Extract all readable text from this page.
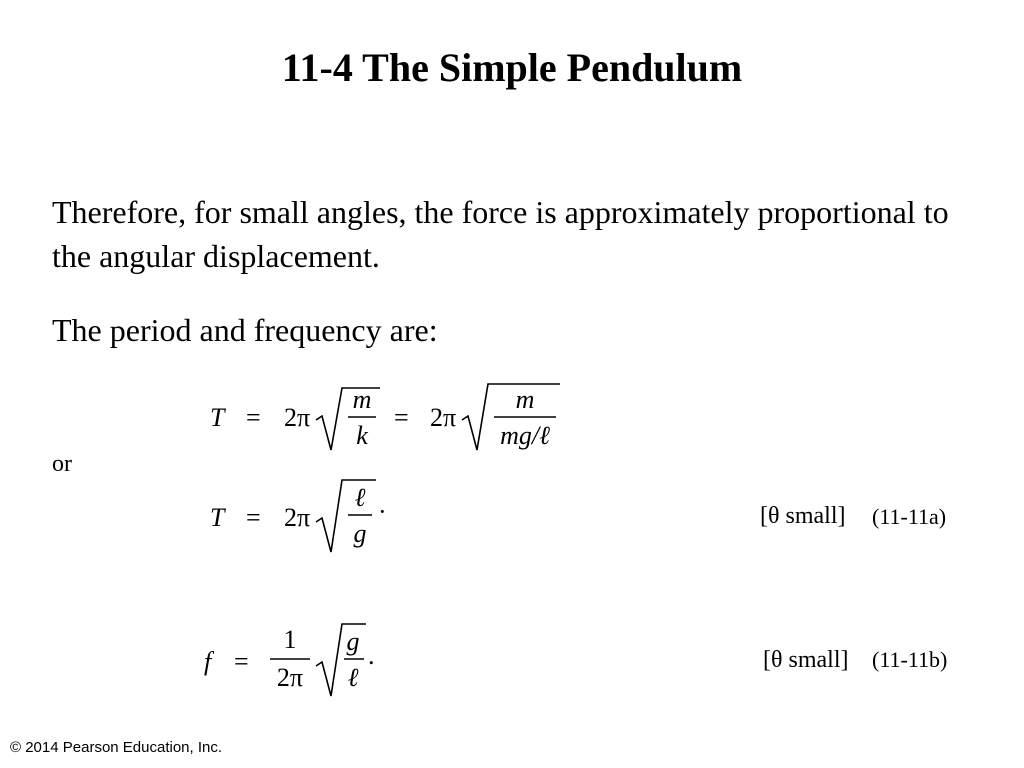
11-4 The Simple Pendulum
Therefore, for small angles, the force is approximately proportional to the angular displacement.
The period and frequency are:
T = 2π
m
k
= 2π
m
mg/ℓ
or
T = 2π
ℓ
g
·	[θ small] (11-11a)
f =
1
2π
g
ℓ
.	[θ small] (11-11b)
© 2014 Pearson Education, Inc.
